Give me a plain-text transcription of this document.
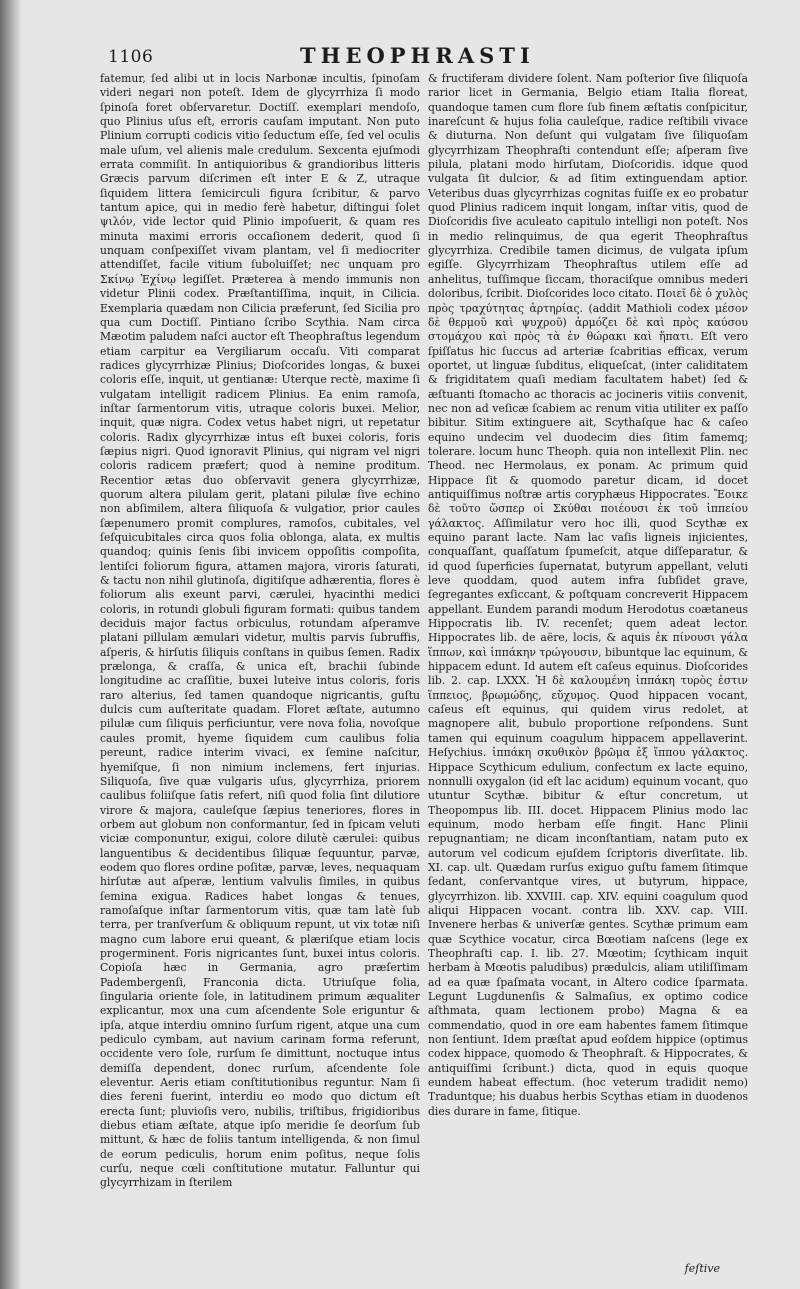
1106	THEOPHRASTI

fatemur, ſed alibi ut in locis Narbonæ incultis, ſpinoſam videri negari non poteſt. Idem de glycyrrhiza ſi modo ſpinoſa foret obſervaretur. Doctiſſ. exemplari mendoſo, quo Plinius uſus eſt, erroris cauſam imputant. Non puto Plinium corrupti codicis vitio ſeductum eſſe, ſed vel oculis male uſum, vel alienis male credulum. Sexcenta ejuſmodi errata commiſit. In antiquioribus & grandioribus litteris Græcis parvum diſcrimen eſt inter Ε & Ζ, utraque ſiquidem littera ſemicirculi figura ſcribitur, & parvo tantum apice, qui in medio ferè habetur, diſtingui ſolet ψιλόν, vide lector quid Plinio impoſuerit, & quam res minuta maximi erroris occaſionem dederit, quod ſi unquam conſpexiſſet vivam plantam, vel ſi mediocriter attendiſſet, facile vitium ſuboluiſſet; nec unquam pro Σκίνῳ Ἐχίνῳ legiſſet. Præterea à mendo immunis non videtur Plinii codex. Præſtantiſſima, inquit, in Cilicia. Exemplaria quædam non Cilicia præferunt, ſed Sicilia pro qua cum Doctiſſ. Pintiano ſcribo Scythia. Nam circa Mæotim paludem naſci auctor eſt Theophraſtus legendum etiam carpitur ea Vergiliarum occaſu. Viti comparat radices glycyrrhizæ Plinius; Dioſcorides longas, & buxei coloris eſſe, inquit, ut gentianæ: Uterque rectè, maxime ſi vulgatam intelligit radicem Plinius. Ea enim ramoſa, inſtar ſarmentorum vitis, utraque coloris buxei. Melior, inquit, quæ nigra. Codex vetus habet nigri, ut repetatur coloris. Radix glycyrrhizæ intus eſt buxei coloris, foris ſæpius nigri. Quod ignoravit Plinius, qui nigram vel nigri coloris radicem præfert; quod à nemine proditum. Recentior ætas duo obſervavit genera glycyrrhizæ, quorum altera pilulam gerit, platani pilulæ ſive echino non abſimilem, altera ſiliquoſa & vulgatior, prior caules ſæpenumero promit complures, ramoſos, cubitales, vel ſeſquicubitales circa quos folia oblonga, alata, ex multis quandoq; quinis ſenis ſibi invicem oppoſitis compoſita, lentiſci foliorum figura, attamen majora, viroris ſaturati, & tactu non nihil glutinoſa, digitiſque adhærentia, flores è foliorum alis exeunt parvi, cærulei, hyacinthi medici coloris, in rotundi globuli figuram formati: quibus tandem deciduis major factus orbiculus, rotundam aſperamve platani pillulam æmulari videtur, multis parvis ſubruffis, aſperis, & hirſutis ſiliquis conſtans in quibus ſemen. Radix prælonga, & craſſa, & unica eſt, brachii ſubinde longitudine ac craſſitie, buxei luteive intus coloris, foris raro alterius, ſed tamen quandoque nigricantis, guſtu dulcis cum auſteritate quadam. Floret æſtate, autumno pilulæ cum ſiliquis perficiuntur, vere nova folia, novoſque caules promit, hyeme ſiquidem cum caulibus folia pereunt, radice interim vivaci, ex ſemine naſcitur, hyemiſque, ſi non nimium inclemens, fert injurias. Siliquoſa, ſive quæ vulgaris uſus, glycyrrhiza, priorem caulibus foliiſque ſatis refert, niſi quod folia ſint dilutiore virore & majora, cauleſque ſæpius teneriores, flores in orbem aut globum non conformantur, ſed in ſpicam veluti viciæ componuntur, exigui, colore dilutè cærulei: quibus languentibus & decidentibus ſiliquæ ſequuntur, parvæ, eodem quo flores ordine poſitæ, parvæ, leves, nequaquam hirſutæ aut aſperæ, lentium valvulis ſimiles, in quibus ſemina exigua. Radices habet longas & tenues, ramoſaſque inſtar ſarmentorum vitis, quæ tam latè ſub terra, per tranſverſum & obliquum repunt, ut vix totæ niſi magno cum labore erui queant, & plæriſque etiam locis progerminent. Foris nigricantes ſunt, buxei intus coloris. Copioſa hæc in Germania, agro præſertim Padembergenſi, Franconia dicta. Utriuſque folia, ſingularia oriente ſole, in latitudinem primum æqualiter explicantur, mox una cum aſcendente Sole eriguntur & ipſa, atque interdiu omnino ſurſum rigent, atque una cum pediculo cymbam, aut navium carinam forma referunt, occidente vero ſole, rurſum ſe dimittunt, noctuque intus demiſſa dependent, donec rurſum, aſcendente ſole eleventur. Aeris etiam conſtitutionibus reguntur. Nam ſi dies fereni fuerint, interdiu eo modo quo dictum eſt erecta ſunt; pluvioſis vero, nubilis, triſtibus, frigidioribus diebus etiam æſtate, atque ipſo meridie ſe deorſum ſub mittunt, & hæc de foliis tantum intelligenda, & non ſimul de eorum pediculis, horum enim poſitus, neque ſolis curſu, neque cœli conſtitutione mutatur. Falluntur qui glycyrrhizam in ſterilem

& fructiferam dividere ſolent. Nam poſterior ſive ſiliquoſa rarior licet in Germania, Belgio etiam Italia floreat, quandoque tamen cum flore ſub finem æſtatis conſpicitur, inareſcunt & hujus folia cauleſque, radice reſtibili vivace & diuturna. Non deſunt qui vulgatam ſive ſiliquoſam glycyrrhizam Theophraſti contendunt eſſe; aſperam ſive pilula, platani modo hirſutam, Dioſcoridis. idque quod vulgata ſit dulcior, & ad ſitim extinguendam aptior. Veteribus duas glycyrrhizas cognitas fuiſſe ex eo probatur quod Plinius radicem inquit longam, inſtar vitis, quod de Dioſcoridis ſive aculeato capitulo intelligi non poteſt. Nos in medio relinquimus, de qua egerit Theophraſtus glycyrrhiza. Credibile tamen dicimus, de vulgata ipſum egiſſe. Glycyrrhizam Theophraſtus utilem eſſe ad anhelitus, tuſſimque ſiccam, thoraciſque omnibus mederi doloribus, ſcribit. Dioſcorides loco citato. Ποιεῖ δὲ ὁ χυλὸς πρὸς τραχύτητας ἀρτηρίας. (addit Mathioli codex μέσον δὲ θερμοῦ καὶ ψυχροῦ) ἁρμόζει δὲ καὶ πρὸς καύσου στομάχου καὶ πρὸς τὰ ἐν θώρακι καὶ ἥπατι. Eſt vero ſpiſſatus hic ſuccus ad arteriæ ſcabritias efficax, verum oportet, ut linguæ ſubditus, eliqueſcat, (inter caliditatem & frigiditatem quaſi mediam facultatem habet) ſed & æſtuanti ſtomacho ac thoracis ac jocineris vitiis convenit, nec non ad veſicæ ſcabiem ac renum vitia utiliter ex paſſo bibitur. Sitim extinguere ait, Scythaſque hac & caſeo equino undecim vel duodecim dies ſitim famemq; tolerare. locum hunc Theoph. quia non intellexit Plin. nec Theod. nec Hermolaus, ex ponam. Ac primum quid Hippace ſit & quomodo paretur dicam, id docet antiquiſſimus noſtræ artis coryphæus Hippocrates. Ἔοικε δὲ τοῦτο ὥσπερ οἱ Σκύθαι ποιέουσι ἐκ τοῦ ἱππείου γάλακτος. Aſſimilatur vero hoc illi, quod Scythæ ex equino parant lacte. Nam lac vaſis ligneis injicientes, conquaſſant, quaſſatum ſpumeſcit, atque diſſeparatur, & id quod ſuperficies ſupernatat, butyrum appellant, veluti leve quoddam, quod autem infra ſubſidet grave, ſegregantes exſiccant, & poſtquam concreverit Hippacem appellant. Eundem parandi modum Herodotus coætaneus Hippocratis lib. IV. recenſet; quem adeat lector. Hippocrates lib. de aëre, locis, & aquis ἐκ πίνουσι γάλα ἵππων, καὶ ἱππάκην τρώγουσιν, bibuntque lac equinum, & hippacem edunt. Id autem eſt caſeus equinus. Dioſcorides lib. 2. cap. LXXX. Ἡ δὲ καλουμένη ἱππάκη τυρὸς ἐστιν ἵππειος, βρωμώδης, εὔχυμος. Quod hippacen vocant, caſeus eſt equinus, qui quidem virus redolet, at magnopere alit, bubulo proportione reſpondens. Sunt tamen qui equinum coagulum hippacem appellaverint. Heſychius. ἱππάκη σκυθικὸν βρῶμα ἐξ ἵππου γάλακτος. Hippace Scythicum edulium, confectum ex lacte equino, nonnulli oxygalon (id eſt lac acidum) equinum vocant, quo utuntur Scythæ. bibitur & eſtur concretum, ut Theopompus lib. III. docet. Hippacem Plinius modo lac equinum, modo herbam eſſe fingit. Hanc Plinii repugnantiam; ne dicam inconſtantiam, natam puto ex autorum vel codicum ejuſdem ſcriptoris diverſitate. lib. XI. cap. ult. Quædam rurſus exiguo guſtu famem ſitimque ſedant, conſervantque vires, ut butyrum, hippace, glycyrrhizon. lib. XXVIII. cap. XIV. equini coagulum quod aliqui Hippacen vocant. contra lib. XXV. cap. VIII. Invenere herbas & univerſæ gentes. Scythæ primum eam quæ Scythice vocatur, circa Bœotiam naſcens (lege ex Theophraſti cap. I. lib. 27. Mœotim; ſcythicam inquit herbam à Mœotis paludibus) prædulcis, aliam utiliſſimam ad ea quæ ſpaſmata vocant, in Altero codice ſparmata. Legunt Lugdunenſis & Salmaſius, ex optimo codice aſthmata, quam lectionem probo) Magna & ea commendatio, quod in ore eam habentes famem ſitimque non ſentiunt. Idem præſtat apud eoſdem hippice (optimus codex hippace, quomodo & Theophraſt. & Hippocrates, & antiquiſſimi ſcribunt.) dicta, quod in equis quoque eundem habeat effectum. (hoc veterum tradidit nemo) Traduntque; his duabus herbis Scythas etiam in duodenos dies durare in fame, ſitique.

feſtive
